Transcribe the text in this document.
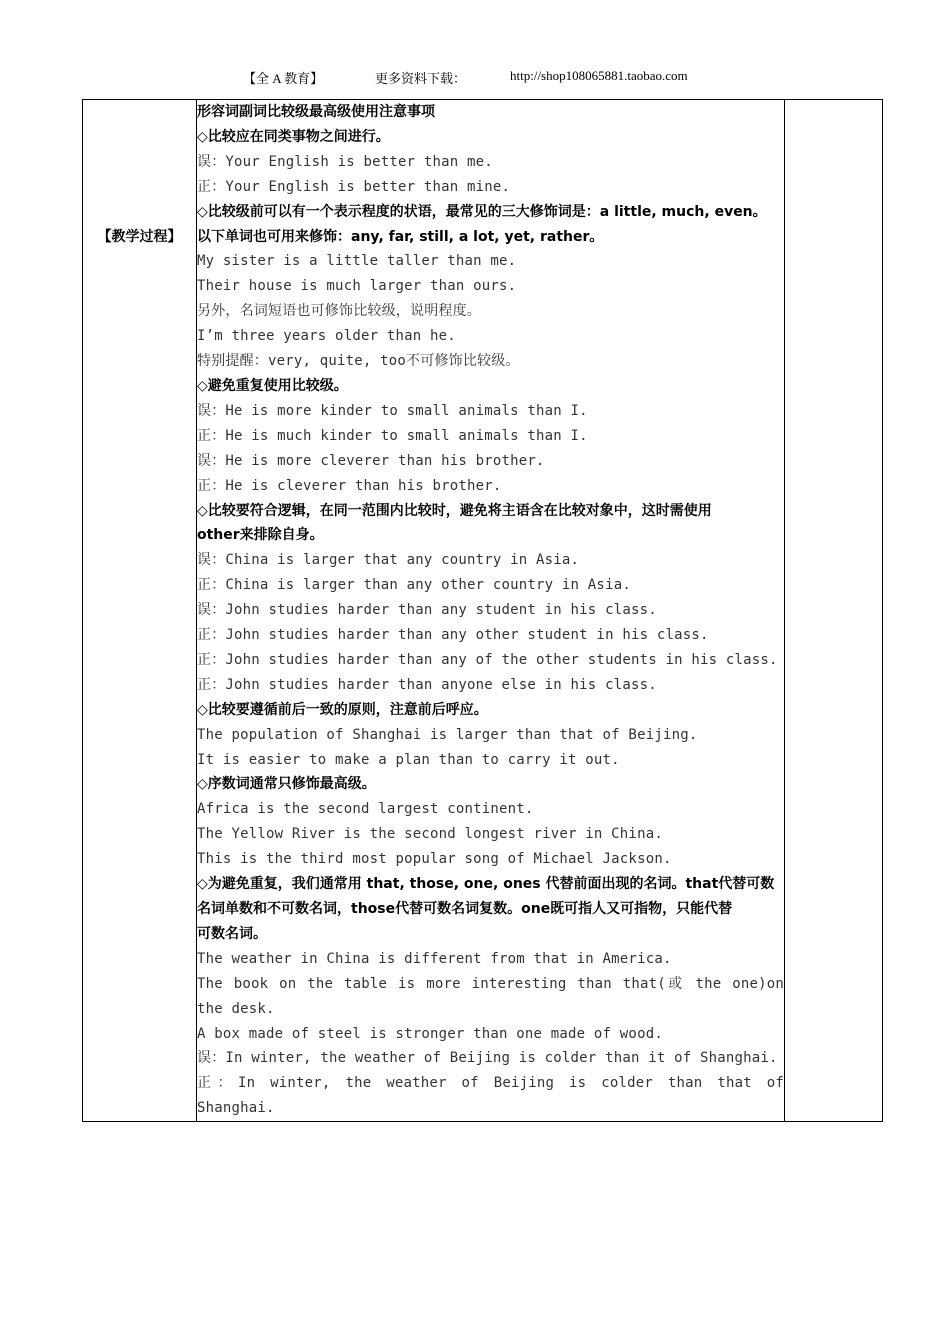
【全 A 教育】	更多资料下载：	http://shop108065881.taobao.com
【教学过程】

形容词副词比较级最高级使用注意事项
◇比较应在同类事物之间进行。
误：Your English is better than me.
正：Your English is better than mine.
◇比较级前可以有一个表示程度的状语，最常见的三大修饰词是：a little, much, even。
以下单词也可用来修饰：any, far, still, a lot, yet, rather。
My sister is a little taller than me.
Their house is much larger than ours.
另外，名词短语也可修饰比较级，说明程度。
I’m three years older than he.
特别提醒：very, quite, too不可修饰比较级。
◇避免重复使用比较级。
误：He is more kinder to small animals than I.
正：He is much kinder to small animals than I.
误：He is more cleverer than his brother.
正：He is cleverer than his brother.
◇比较要符合逻辑，在同一范围内比较时，避免将主语含在比较对象中，这时需使用
other来排除自身。
误：China is larger that any country in Asia.
正：China is larger than any other country in Asia.
误：John studies harder than any student in his class.
正：John studies harder than any other student in his class.
正：John studies harder than any of the other students in his class.
正：John studies harder than anyone else in his class.
◇比较要遵循前后一致的原则，注意前后呼应。
The population of Shanghai is larger than that of Beijing.
It is easier to make a plan than to carry it out.
◇序数词通常只修饰最高级。
Africa is the second largest continent.
The Yellow River is the second longest river in China.
This is the third most popular song of Michael Jackson.
◇为避免重复，我们通常用 that, those, one, ones 代替前面出现的名词。that代替可数
名词单数和不可数名词，those代替可数名词复数。one既可指人又可指物，只能代替
可数名词。
The weather in China is different from that in America.
The book on the table is more interesting than that(或 the one)on the desk.
A box made of steel is stronger than one made of wood.
误：In winter, the weather of Beijing is colder than it of Shanghai.
正：In winter, the weather of Beijing is colder than that of Shanghai.
